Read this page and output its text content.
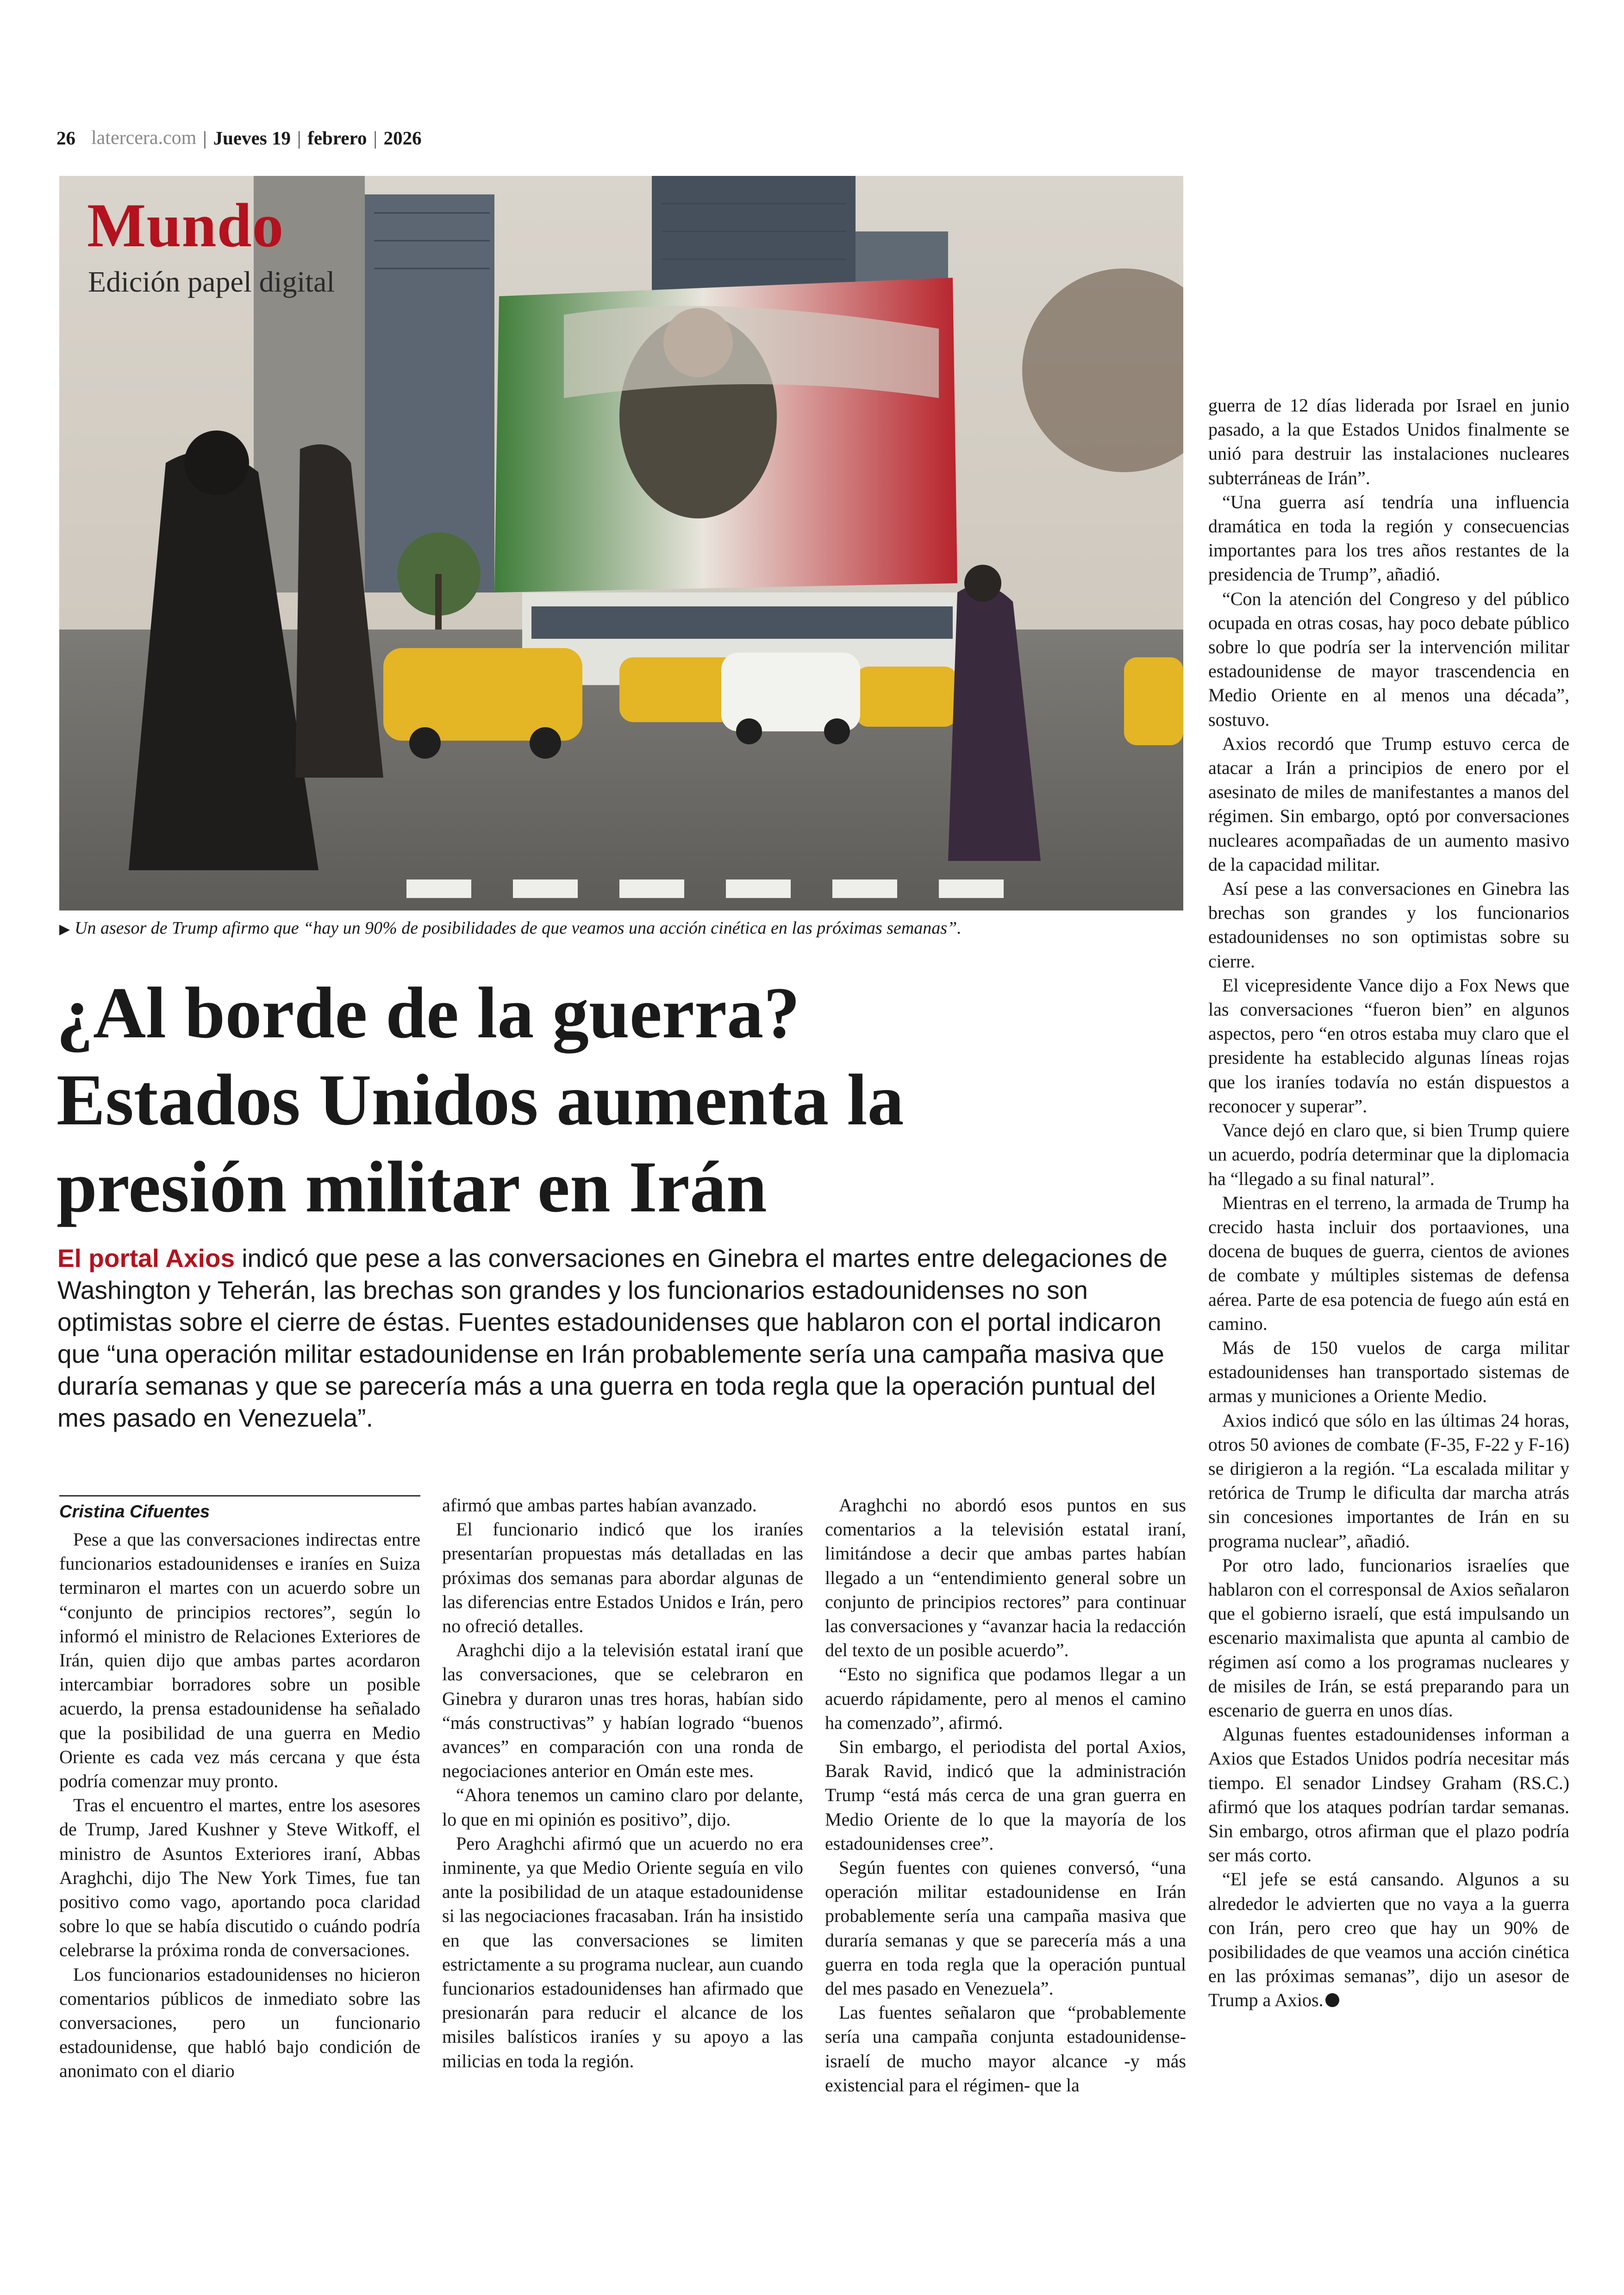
26 latercera.com | Jueves 19 | febrero | 2026
Mundo
Edición papel digital
▶ Un asesor de Trump afirmo que “hay un 90% de posibilidades de que veamos una acción cinética en las próximas semanas”.
¿Al borde de la guerra?
Estados Unidos aumenta la
presión militar en Irán

El portal Axios indicó que pese a las conversaciones en Ginebra el martes entre delegaciones de Washington y Teherán, las brechas son grandes y los funcionarios estadounidenses no son optimistas sobre el cierre de éstas. Fuentes estadounidenses que hablaron con el portal indicaron que “una operación militar estadounidense en Irán probablemente sería una campaña masiva que duraría semanas y que se parecería más a una guerra en toda regla que la operación puntual del mes pasado en Venezuela”.

Cristina Cifuentes

Pese a que las conversaciones indirectas entre funcionarios estadounidenses e iraníes en Suiza terminaron el martes con un acuerdo sobre un “conjunto de principios rectores”, según lo informó el ministro de Relaciones Exteriores de Irán, quien dijo que ambas partes acordaron intercambiar borradores sobre un posible acuerdo, la prensa estadounidense ha señalado que la posibilidad de una guerra en Medio Oriente es cada vez más cercana y que ésta podría comenzar muy pronto.

Tras el encuentro el martes, entre los asesores de Trump, Jared Kushner y Steve Witkoff, el ministro de Asuntos Exteriores iraní, Abbas Araghchi, dijo The New York Times, fue tan positivo como vago, aportando poca claridad sobre lo que se había discutido o cuándo podría celebrarse la próxima ronda de conversaciones.

Los funcionarios estadounidenses no hicieron comentarios públicos de inmediato sobre las conversaciones, pero un funcionario estadounidense, que habló bajo condición de anonimato con el diario

afirmó que ambas partes habían avanzado.

El funcionario indicó que los iraníes presentarían propuestas más detalladas en las próximas dos semanas para abordar algunas de las diferencias entre Estados Unidos e Irán, pero no ofreció detalles.

Araghchi dijo a la televisión estatal iraní que las conversaciones, que se celebraron en Ginebra y duraron unas tres horas, habían sido “más constructivas” y habían logrado “buenos avances” en comparación con una ronda de negociaciones anterior en Omán este mes.

“Ahora tenemos un camino claro por delante, lo que en mi opinión es positivo”, dijo.

Pero Araghchi afirmó que un acuerdo no era inminente, ya que Medio Oriente seguía en vilo ante la posibilidad de un ataque estadounidense si las negociaciones fracasaban. Irán ha insistido en que las conversaciones se limiten estrictamente a su programa nuclear, aun cuando funcionarios estadounidenses han afirmado que presionarán para reducir el alcance de los misiles balísticos iraníes y su apoyo a las milicias en toda la región.

Araghchi no abordó esos puntos en sus comentarios a la televisión estatal iraní, limitándose a decir que ambas partes habían llegado a un “entendimiento general sobre un conjunto de principios rectores” para continuar las conversaciones y “avanzar hacia la redacción del texto de un posible acuerdo”.

“Esto no significa que podamos llegar a un acuerdo rápidamente, pero al menos el camino ha comenzado”, afirmó.

Sin embargo, el periodista del portal Axios, Barak Ravid, indicó que la administración Trump “está más cerca de una gran guerra en Medio Oriente de lo que la mayoría de los estadounidenses cree”.

Según fuentes con quienes conversó, “una operación militar estadounidense en Irán probablemente sería una campaña masiva que duraría semanas y que se parecería más a una guerra en toda regla que la operación puntual del mes pasado en Venezuela”.

Las fuentes señalaron que “probablemente sería una campaña conjunta estadounidense-israelí de mucho mayor alcance -y más existencial para el régimen- que la

guerra de 12 días liderada por Israel en junio pasado, a la que Estados Unidos finalmente se unió para destruir las instalaciones nucleares subterráneas de Irán”.

“Una guerra así tendría una influencia dramática en toda la región y consecuencias importantes para los tres años restantes de la presidencia de Trump”, añadió.

“Con la atención del Congreso y del público ocupada en otras cosas, hay poco debate público sobre lo que podría ser la intervención militar estadounidense de mayor trascendencia en Medio Oriente en al menos una década”, sostuvo.

Axios recordó que Trump estuvo cerca de atacar a Irán a principios de enero por el asesinato de miles de manifestantes a manos del régimen. Sin embargo, optó por conversaciones nucleares acompañadas de un aumento masivo de la capacidad militar.

Así pese a las conversaciones en Ginebra las brechas son grandes y los funcionarios estadounidenses no son optimistas sobre su cierre.

El vicepresidente Vance dijo a Fox News que las conversaciones “fueron bien” en algunos aspectos, pero “en otros estaba muy claro que el presidente ha establecido algunas líneas rojas que los iraníes todavía no están dispuestos a reconocer y superar”.

Vance dejó en claro que, si bien Trump quiere un acuerdo, podría determinar que la diplomacia ha “llegado a su final natural”.

Mientras en el terreno, la armada de Trump ha crecido hasta incluir dos portaaviones, una docena de buques de guerra, cientos de aviones de combate y múltiples sistemas de defensa aérea. Parte de esa potencia de fuego aún está en camino.

Más de 150 vuelos de carga militar estadounidenses han transportado sistemas de armas y municiones a Oriente Medio.

Axios indicó que sólo en las últimas 24 horas, otros 50 aviones de combate (F-35, F-22 y F-16) se dirigieron a la región. “La escalada militar y retórica de Trump le dificulta dar marcha atrás sin concesiones importantes de Irán en su programa nuclear”, añadió.

Por otro lado, funcionarios israelíes que hablaron con el corresponsal de Axios señalaron que el gobierno israelí, que está impulsando un escenario maximalista que apunta al cambio de régimen así como a los programas nucleares y de misiles de Irán, se está preparando para un escenario de guerra en unos días.

Algunas fuentes estadounidenses informan a Axios que Estados Unidos podría necesitar más tiempo. El senador Lindsey Graham (RS.C.) afirmó que los ataques podrían tardar semanas. Sin embargo, otros afirman que el plazo podría ser más corto.

“El jefe se está cansando. Algunos a su alrededor le advierten que no vaya a la guerra con Irán, pero creo que hay un 90% de posibilidades de que veamos una acción cinética en las próximas semanas”, dijo un asesor de Trump a Axios.
